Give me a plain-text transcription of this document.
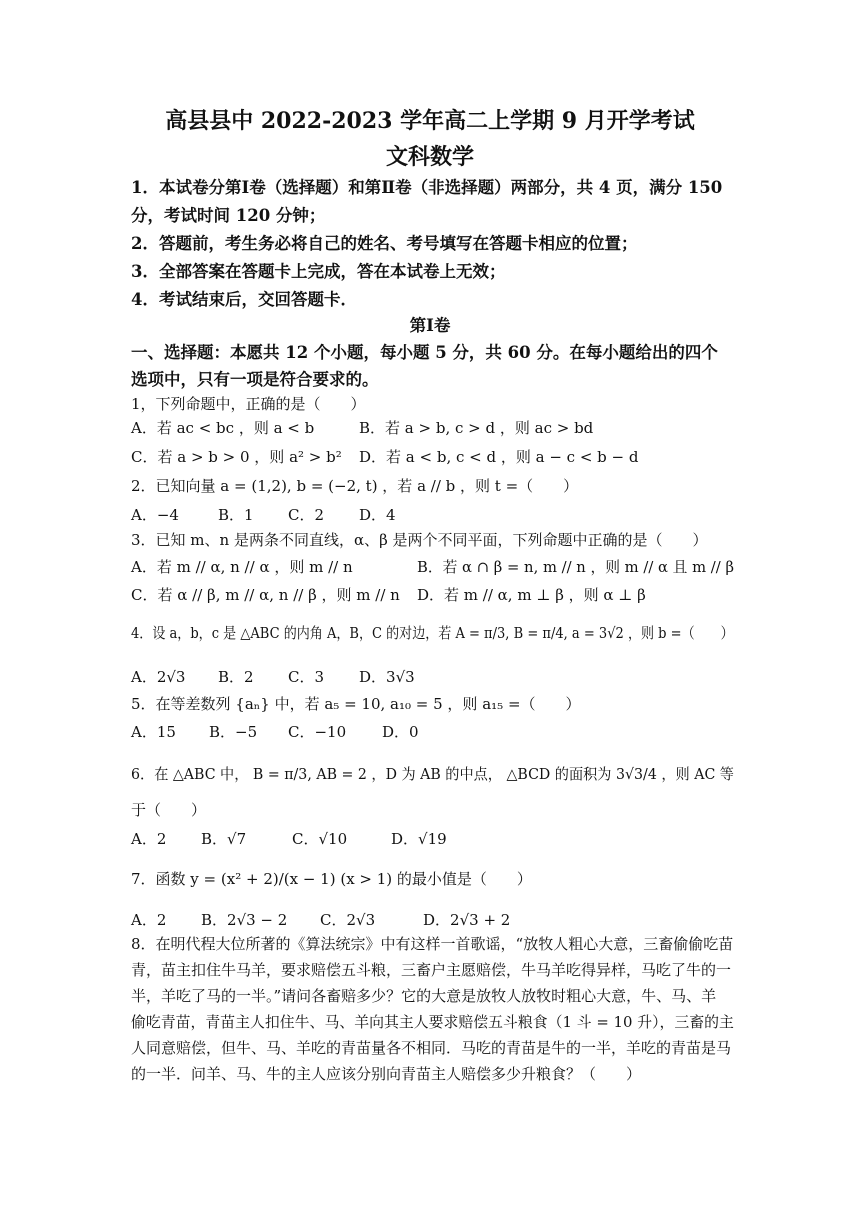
高县县中 2022-2023 学年高二上学期 9 月开学考试
文科数学
1．本试卷分第Ⅰ卷（选择题）和第Ⅱ卷（非选择题）两部分，共 4 页，满分 150
分，考试时间 120 分钟；
2．答题前，考生务必将自己的姓名、考号填写在答题卡相应的位置；
3．全部答案在答题卡上完成，答在本试卷上无效；
4．考试结束后，交回答题卡．
第Ⅰ卷
一、选择题：本愿共 12 个小题，每小题 5 分，共 60 分。在每小题给出的四个
选项中，只有一项是符合要求的。
1，下列命题中，正确的是（　　）
A．若 ac < bc ，则 a < b	B．若 a > b, c > d ，则 ac > bd
C．若 a > b > 0 ，则 a² > b² D．若 a < b, c < d ，则 a − c < b − d
2．已知向量 a = (1,2), b = (−2, t) ，若 a // b ，则 t =（　　）
A．−4	B．1 C．2 D．4
3．已知 m、n 是两条不同直线，α、β 是两个不同平面，下列命题中正确的是（　　）
A．若 m // α, n // α ，则 m // n	B．若 α ∩ β = n, m // n ，则 m // α 且 m // β
C．若 α // β, m // α, n // β ，则 m // n D．若 m // α, m ⊥ β ，则 α ⊥ β
4．设 a，b，c 是 △ABC 的内角 A，B，C 的对边，若 A = π/3, B = π/4, a = 3√2 ，则 b =（　　）
A．2√3 B．2 C．3 D．3√3
5．在等差数列 {aₙ} 中，若 a₅ = 10, a₁₀ = 5 ，则 a₁₅ =（　　）
A．15 B．−5 C．−10 D．0
6．在 △ABC 中， B = π/3, AB = 2 ，D 为 AB 的中点， △BCD 的面积为 3√3/4 ，则 AC 等
于（　　）
A．2 B．√7	C．√10	D．√19
7．函数 y = (x² + 2)/(x − 1) (x > 1) 的最小值是（　　）
A．2 B．2√3 − 2 C．2√3	D．2√3 + 2
8．在明代程大位所著的《算法统宗》中有这样一首歌谣，“放牧人粗心大意，三畜偷偷吃苗
青，苗主扣住牛马羊，要求赔偿五斗粮，三畜户主愿赔偿，牛马羊吃得异样，马吃了牛的一
半，羊吃了马的一半。”请问各畜赔多少？它的大意是放牧人放牧时粗心大意，牛、马、羊
偷吃青苗，青苗主人扣住牛、马、羊向其主人要求赔偿五斗粮食（1 斗 = 10 升），三畜的主
人同意赔偿，但牛、马、羊吃的青苗量各不相同．马吃的青苗是牛的一半，羊吃的青苗是马
的一半．问羊、马、牛的主人应该分别向青苗主人赔偿多少升粮食？（　　）
